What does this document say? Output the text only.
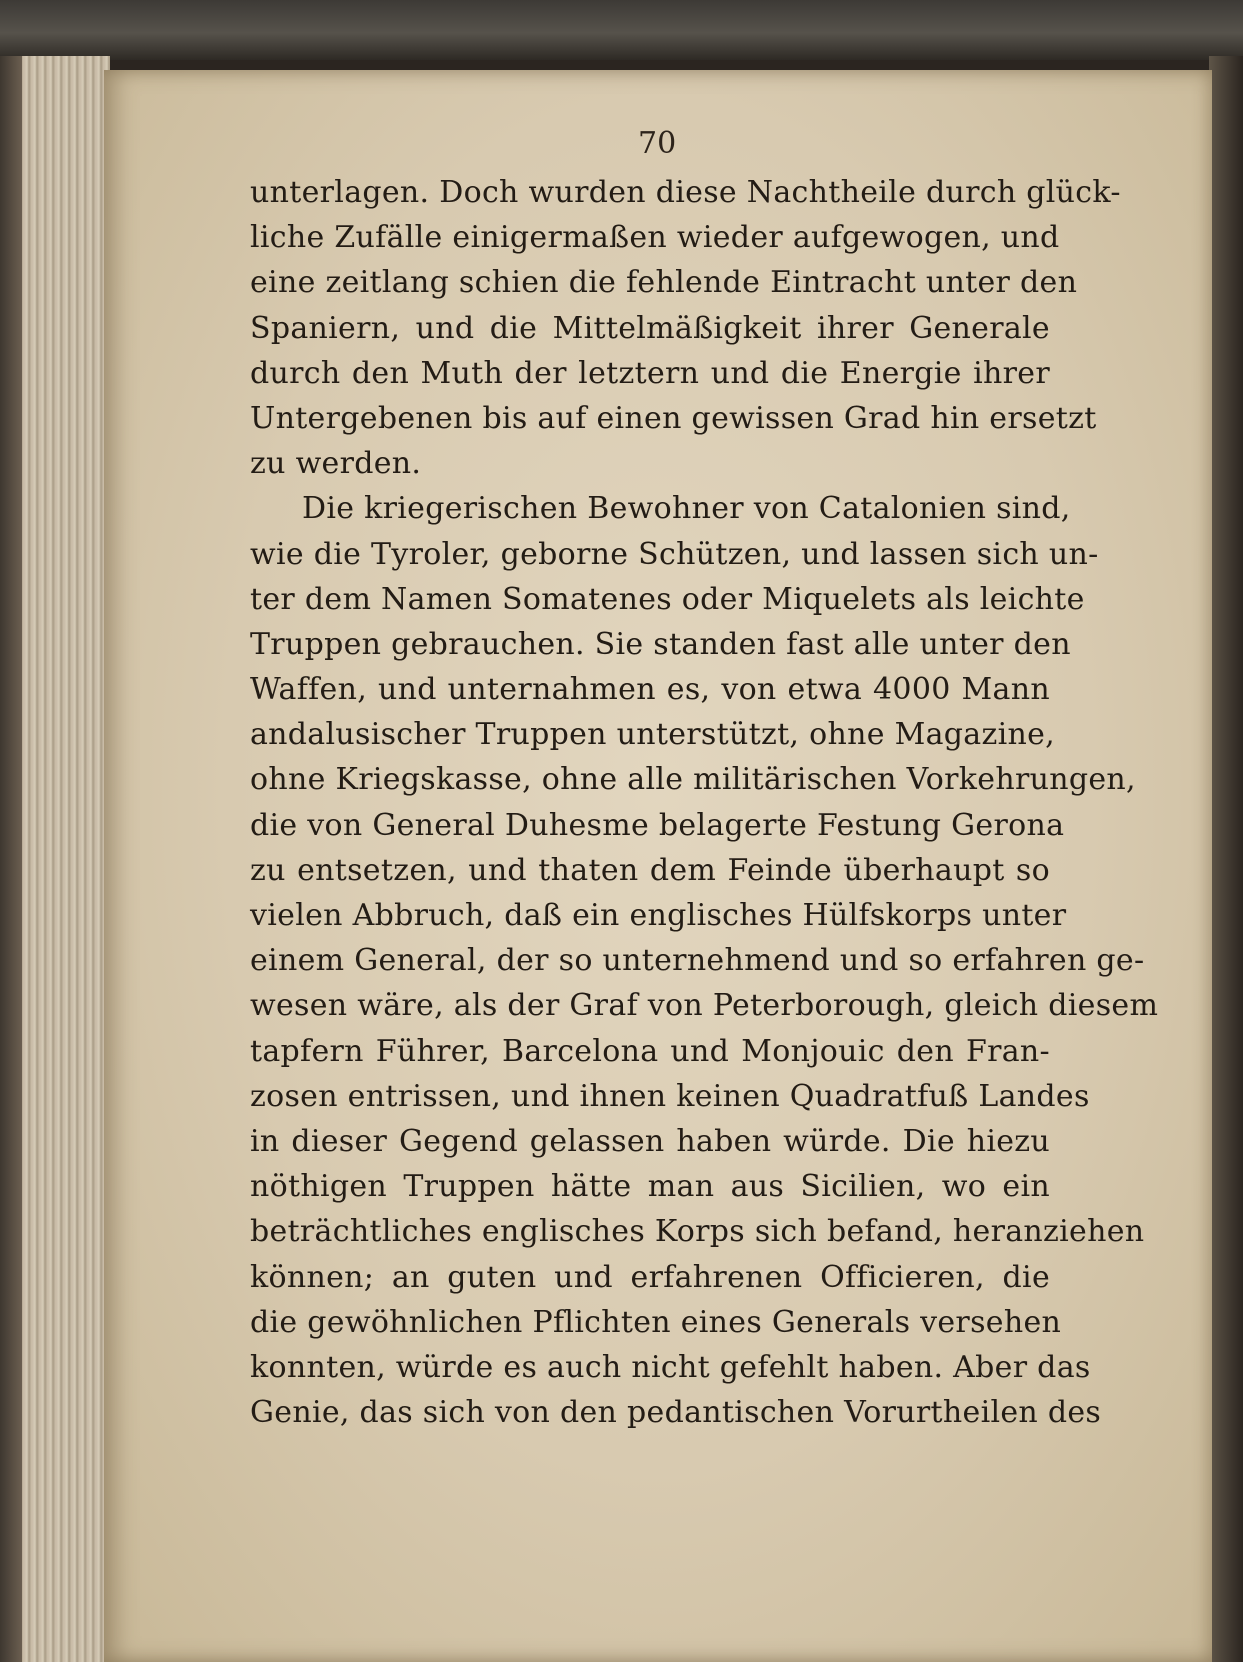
70
unterlagen. Doch wurden diese Nachtheile durch glück-
liche Zufälle einigermaßen wieder aufgewogen, und
eine zeitlang schien die fehlende Eintracht unter den
Spaniern, und die Mittelmäßigkeit ihrer Generale
durch den Muth der letztern und die Energie ihrer
Untergebenen bis auf einen gewissen Grad hin ersetzt
zu werden.
Die kriegerischen Bewohner von Catalonien sind,
wie die Tyroler, geborne Schützen, und lassen sich un-
ter dem Namen Somatenes oder Miquelets als leichte
Truppen gebrauchen. Sie standen fast alle unter den
Waffen, und unternahmen es, von etwa 4000 Mann
andalusischer Truppen unterstützt, ohne Magazine,
ohne Kriegskasse, ohne alle militärischen Vorkehrungen,
die von General Duhesme belagerte Festung Gerona
zu entsetzen, und thaten dem Feinde überhaupt so
vielen Abbruch, daß ein englisches Hülfskorps unter
einem General, der so unternehmend und so erfahren ge-
wesen wäre, als der Graf von Peterborough, gleich diesem
tapfern Führer, Barcelona und Monjouic den Fran-
zosen entrissen, und ihnen keinen Quadratfuß Landes
in dieser Gegend gelassen haben würde. Die hiezu
nöthigen Truppen hätte man aus Sicilien, wo ein
beträchtliches englisches Korps sich befand, heranziehen
können; an guten und erfahrenen Officieren, die
die gewöhnlichen Pflichten eines Generals versehen
konnten, würde es auch nicht gefehlt haben. Aber das
Genie, das sich von den pedantischen Vorurtheilen des
